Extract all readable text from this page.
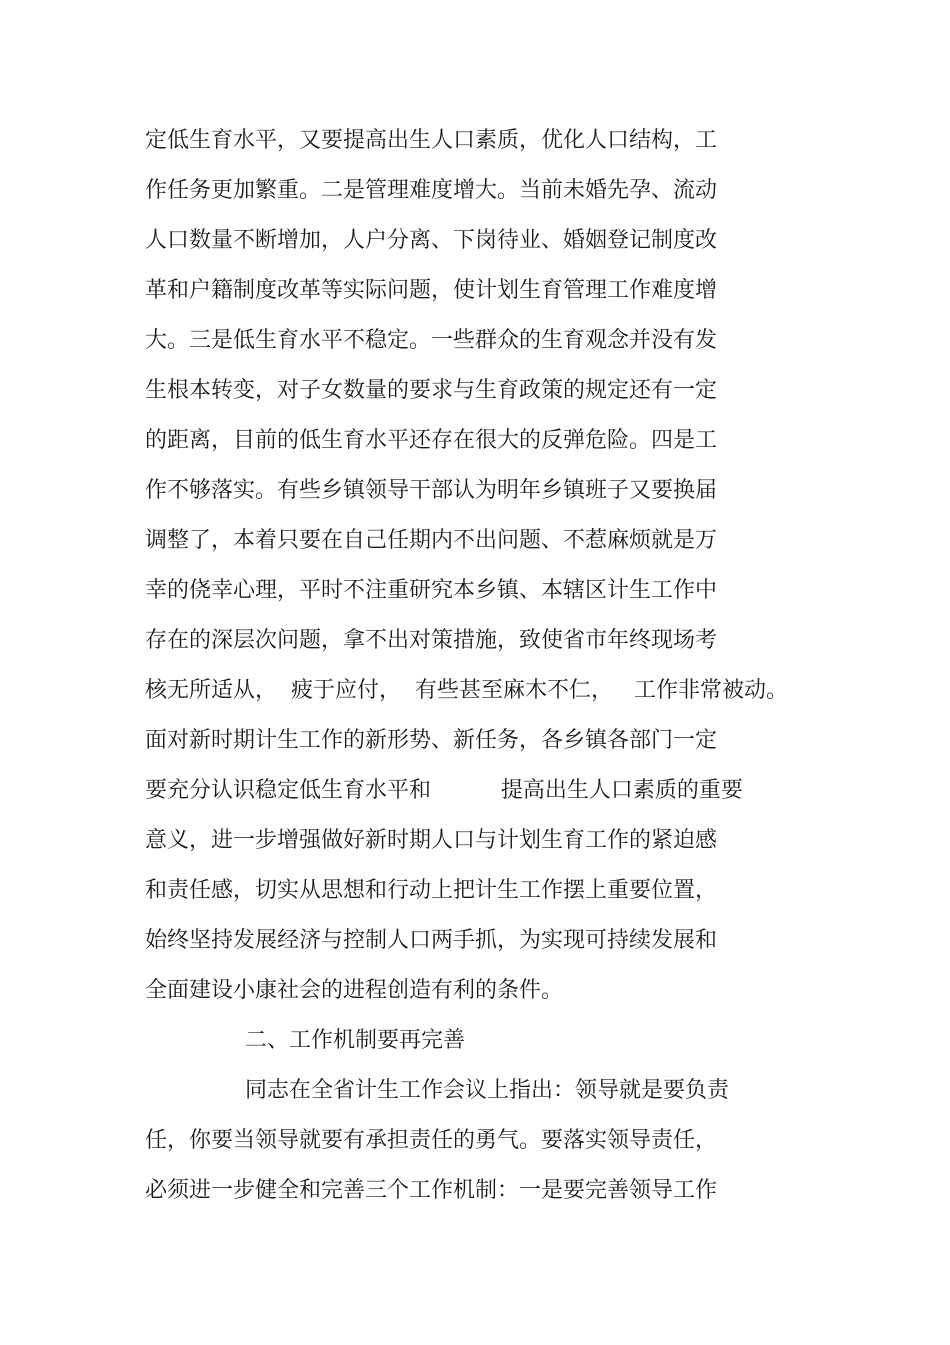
定低生育水平，又要提高出生人口素质，优化人口结构，工

作任务更加繁重。二是管理难度增大。当前未婚先孕、流动

人口数量不断增加，人户分离、下岗待业、婚姻登记制度改

革和户籍制度改革等实际问题，使计划生育管理工作难度增

大。三是低生育水平不稳定。一些群众的生育观念并没有发

生根本转变，对子女数量的要求与生育政策的规定还有一定

的距离，目前的低生育水平还存在很大的反弹危险。四是工

作不够落实。有些乡镇领导干部认为明年乡镇班子又要换届

调整了，本着只要在自己任期内不出问题、不惹麻烦就是万

幸的侥幸心理，平时不注重研究本乡镇、本辖区计生工作中

存在的深层次问题，拿不出对策措施，致使省市年终现场考

核无所适从，  疲于应付，  有些甚至麻木不仁，   工作非常被动。

面对新时期计生工作的新形势、新任务，各乡镇各部门一定

要充分认识稳定低生育水平和          提高出生人口素质的重要

意义，进一步增强做好新时期人口与计划生育工作的紧迫感

和责任感，切实从思想和行动上把计生工作摆上重要位置，

始终坚持发展经济与控制人口两手抓，为实现可持续发展和

全面建设小康社会的进程创造有利的条件。

二、工作机制要再完善

同志在全省计生工作会议上指出：领导就是要负责

任，你要当领导就要有承担责任的勇气。要落实领导责任，

必须进一步健全和完善三个工作机制：一是要完善领导工作
